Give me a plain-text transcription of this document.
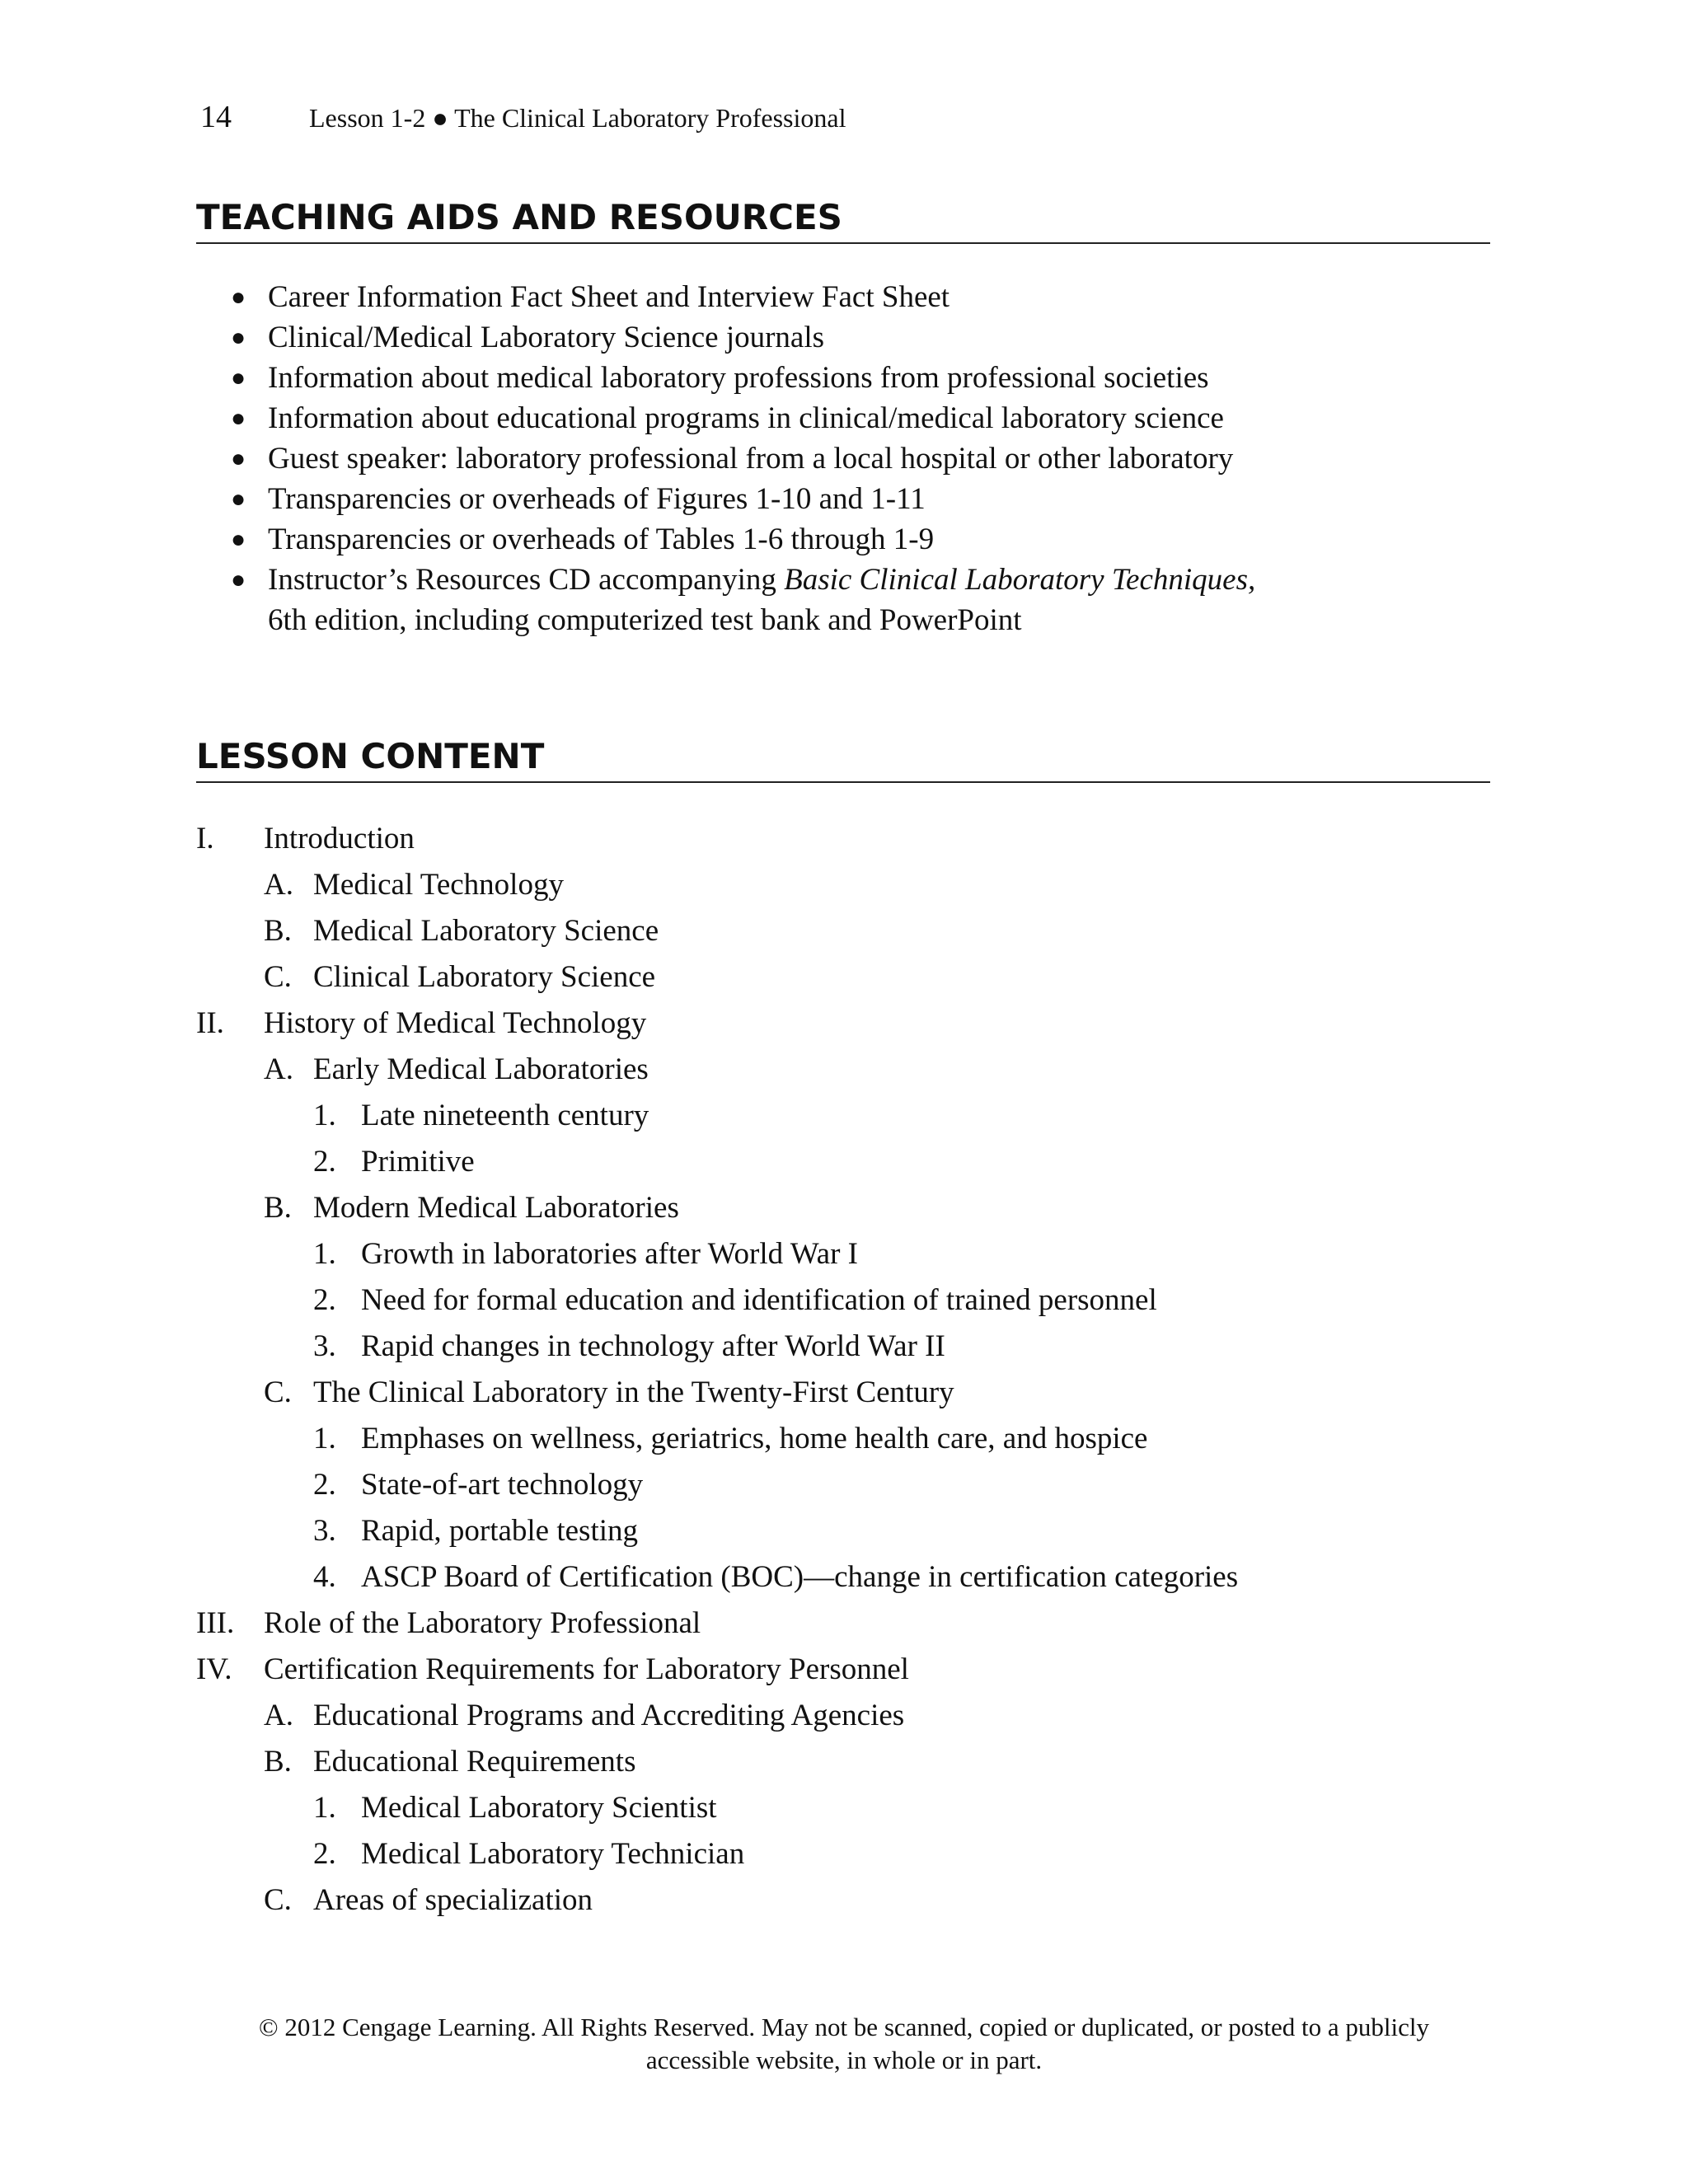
14	Lesson 1-2 ● The Clinical Laboratory Professional
TEACHING AIDS AND RESOURCES
● Career Information Fact Sheet and Interview Fact Sheet
● Clinical/Medical Laboratory Science journals
● Information about medical laboratory professions from professional societies
● Information about educational programs in clinical/medical laboratory science
● Guest speaker: laboratory professional from a local hospital or other laboratory
● Transparencies or overheads of Figures 1-10 and 1-11
● Transparencies or overheads of Tables 1-6 through 1-9
● Instructor’s Resources CD accompanying Basic Clinical Laboratory Techniques,
6th edition, including computerized test bank and PowerPoint
LESSON CONTENT
I. Introduction
A. Medical Technology
B. Medical Laboratory Science
C. Clinical Laboratory Science
II. History of Medical Technology
A. Early Medical Laboratories
1. Late nineteenth century
2. Primitive
B. Modern Medical Laboratories
1. Growth in laboratories after World War I
2. Need for formal education and identification of trained personnel
3. Rapid changes in technology after World War II
C. The Clinical Laboratory in the Twenty-First Century
1. Emphases on wellness, geriatrics, home health care, and hospice
2. State-of-art technology
3. Rapid, portable testing
4. ASCP Board of Certification (BOC)—change in certification categories
III. Role of the Laboratory Professional
IV. Certification Requirements for Laboratory Personnel
A. Educational Programs and Accrediting Agencies
B. Educational Requirements
1. Medical Laboratory Scientist
2. Medical Laboratory Technician
C. Areas of specialization
© 2012 Cengage Learning. All Rights Reserved. May not be scanned, copied or duplicated, or posted to a publicly
accessible website, in whole or in part.
